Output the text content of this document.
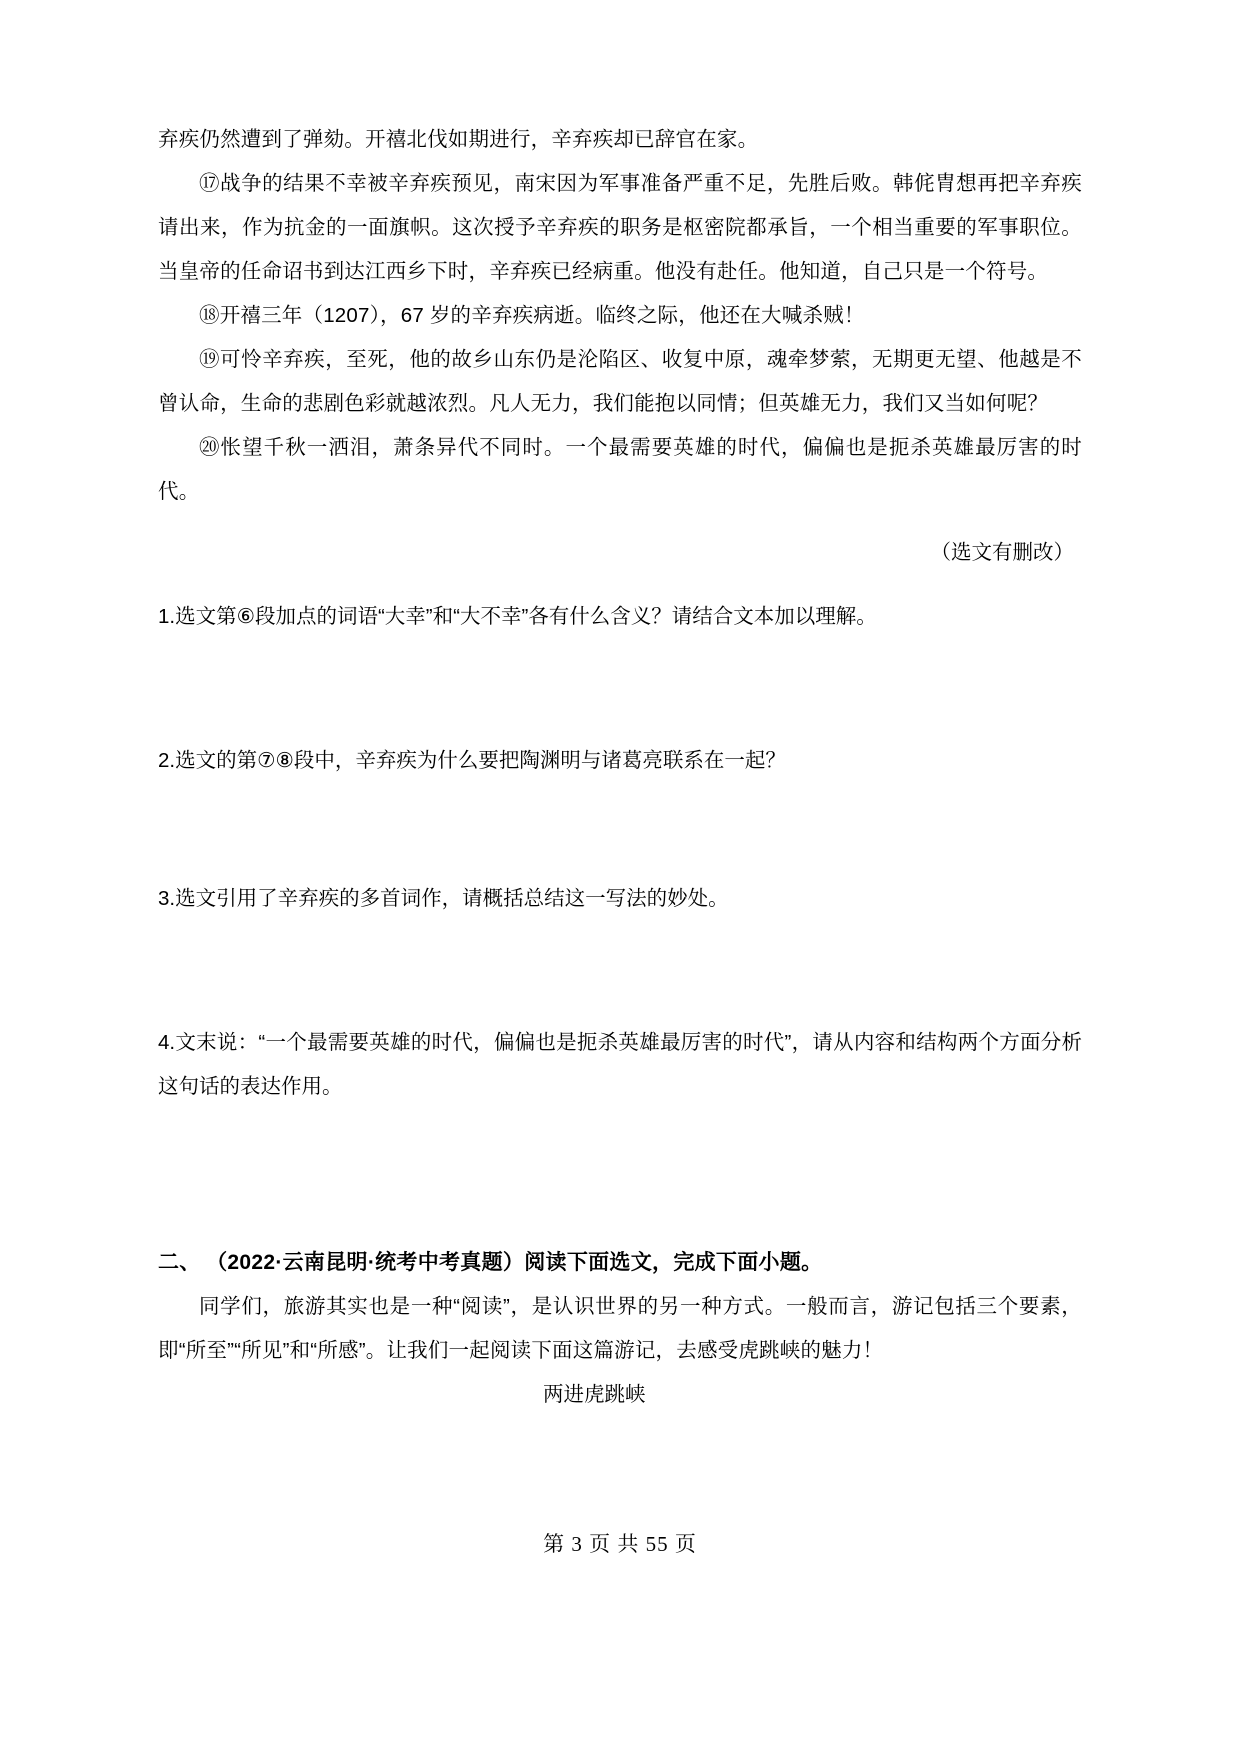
弃疾仍然遭到了弹劾。开禧北伐如期进行，辛弃疾却已辞官在家。

⑰战争的结果不幸被辛弃疾预见，南宋因为军事准备严重不足，先胜后败。韩侂胄想再把辛弃疾请出来，作为抗金的一面旗帜。这次授予辛弃疾的职务是枢密院都承旨，一个相当重要的军事职位。当皇帝的任命诏书到达江西乡下时，辛弃疾已经病重。他没有赴任。他知道，自己只是一个符号。

⑱开禧三年（1207），67 岁的辛弃疾病逝。临终之际，他还在大喊杀贼！

⑲可怜辛弃疾，至死，他的故乡山东仍是沦陷区、收复中原，魂牵梦萦，无期更无望、他越是不曾认命，生命的悲剧色彩就越浓烈。凡人无力，我们能抱以同情；但英雄无力，我们又当如何呢？

⑳怅望千秋一洒泪，萧条异代不同时。一个最需要英雄的时代，偏偏也是扼杀英雄最厉害的时代。

（选文有删改）

1.选文第⑥段加点的词语“大幸”和“大不幸”各有什么含义？请结合文本加以理解。

2.选文的第⑦⑧段中，辛弃疾为什么要把陶渊明与诸葛亮联系在一起？

3.选文引用了辛弃疾的多首词作，请概括总结这一写法的妙处。

4.文末说：“一个最需要英雄的时代，偏偏也是扼杀英雄最厉害的时代”，请从内容和结构两个方面分析这句话的表达作用。

二、 （2022·云南昆明·统考中考真题）阅读下面选文，完成下面小题。

同学们，旅游其实也是一种“阅读”，是认识世界的另一种方式。一般而言，游记包括三个要素，即“所至”“所见”和“所感”。让我们一起阅读下面这篇游记，去感受虎跳峡的魅力！

两进虎跳峡

第 3 页 共 55 页
